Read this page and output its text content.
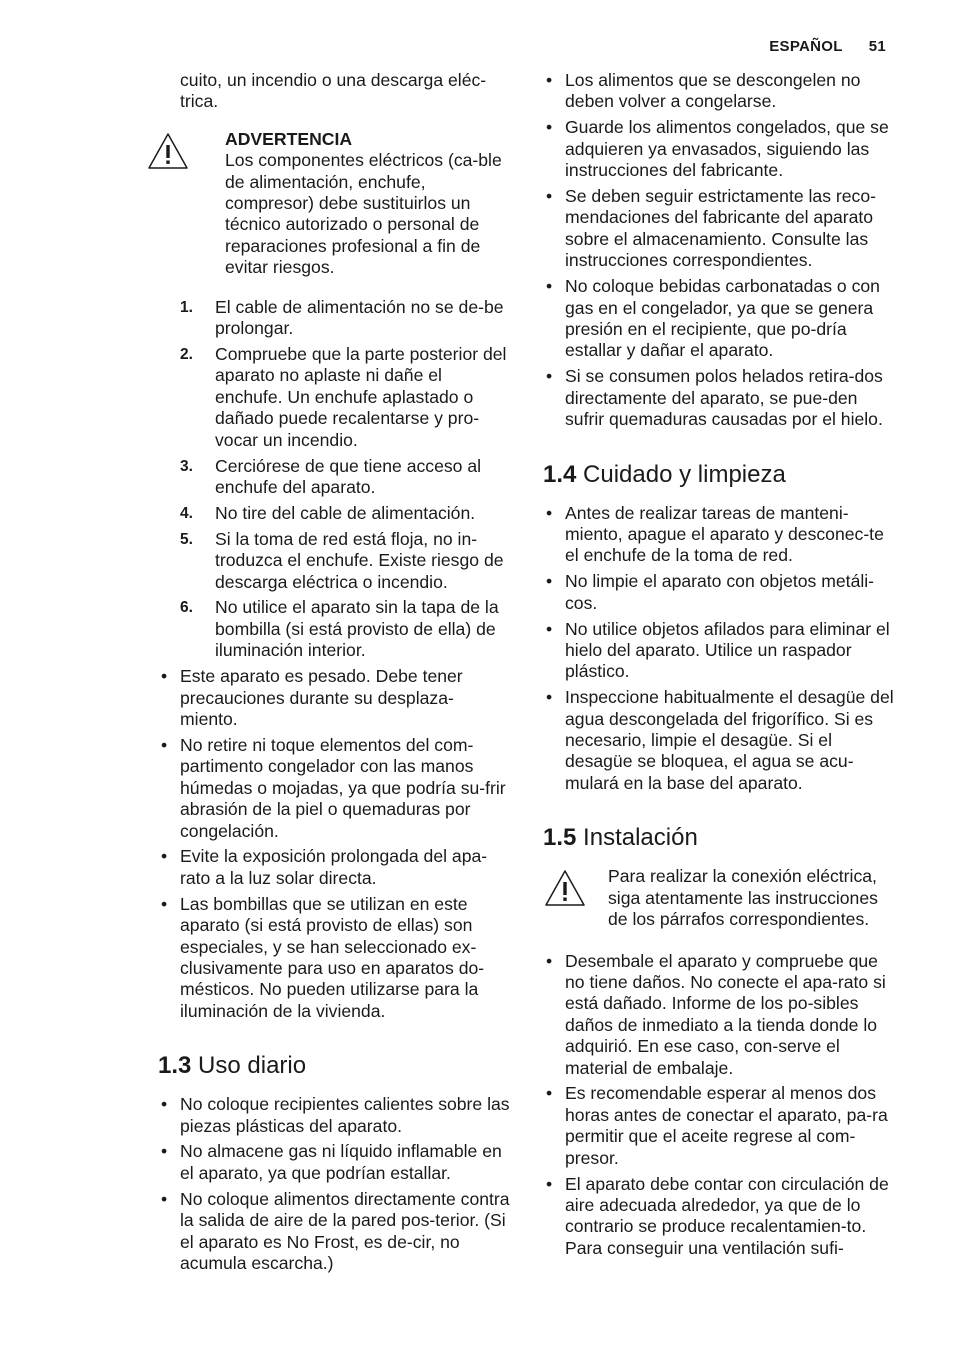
ESPAÑOL 51

cuito, un incendio o una descarga eléc-trica.

ADVERTENCIA
Los componentes eléctricos (ca-ble de alimentación, enchufe, compresor) debe sustituirlos un técnico autorizado o personal de reparaciones profesional a fin de evitar riesgos.
1. El cable de alimentación no se de-be prolongar.
2. Compruebe que la parte posterior del aparato no aplaste ni dañe el enchufe. Un enchufe aplastado o dañado puede recalentarse y pro-vocar un incendio.
3. Cerciórese de que tiene acceso al enchufe del aparato.
4. No tire del cable de alimentación.
5. Si la toma de red está floja, no in-troduzca el enchufe. Existe riesgo de descarga eléctrica o incendio.
6. No utilice el aparato sin la tapa de la bombilla (si está provisto de ella) de iluminación interior.
• Este aparato es pesado. Debe tener precauciones durante su desplaza-miento.
• No retire ni toque elementos del com-partimento congelador con las manos húmedas o mojadas, ya que podría su-frir abrasión de la piel o quemaduras por congelación.
• Evite la exposición prolongada del apa-rato a la luz solar directa.
• Las bombillas que se utilizan en este aparato (si está provisto de ellas) son especiales, y se han seleccionado ex-clusivamente para uso en aparatos do-mésticos. No pueden utilizarse para la iluminación de la vivienda.
1.3 Uso diario
• No coloque recipientes calientes sobre las piezas plásticas del aparato.
• No almacene gas ni líquido inflamable en el aparato, ya que podrían estallar.
• No coloque alimentos directamente contra la salida de aire de la pared pos-terior. (Si el aparato es No Frost, es de-cir, no acumula escarcha.)
• Los alimentos que se descongelen no deben volver a congelarse.
• Guarde los alimentos congelados, que se adquieren ya envasados, siguiendo las instrucciones del fabricante.
• Se deben seguir estrictamente las reco-mendaciones del fabricante del aparato sobre el almacenamiento. Consulte las instrucciones correspondientes.
• No coloque bebidas carbonatadas o con gas en el congelador, ya que se genera presión en el recipiente, que po-dría estallar y dañar el aparato.
• Si se consumen polos helados retira-dos directamente del aparato, se pue-den sufrir quemaduras causadas por el hielo.
1.4 Cuidado y limpieza
• Antes de realizar tareas de manteni-miento, apague el aparato y desconec-te el enchufe de la toma de red.
• No limpie el aparato con objetos metáli-cos.
• No utilice objetos afilados para eliminar el hielo del aparato. Utilice un raspador plástico.
• Inspeccione habitualmente el desagüe del agua descongelada del frigorífico. Si es necesario, limpie el desagüe. Si el desagüe se bloquea, el agua se acu-mulará en la base del aparato.
1.5 Instalación
Para realizar la conexión eléctrica, siga atentamente las instrucciones de los párrafos correspondientes.
• Desembale el aparato y compruebe que no tiene daños. No conecte el apa-rato si está dañado. Informe de los po-sibles daños de inmediato a la tienda donde lo adquirió. En ese caso, con-serve el material de embalaje.
• Es recomendable esperar al menos dos horas antes de conectar el aparato, pa-ra permitir que el aceite regrese al com-presor.
• El aparato debe contar con circulación de aire adecuada alrededor, ya que de lo contrario se produce recalentamien-to. Para conseguir una ventilación sufi-
